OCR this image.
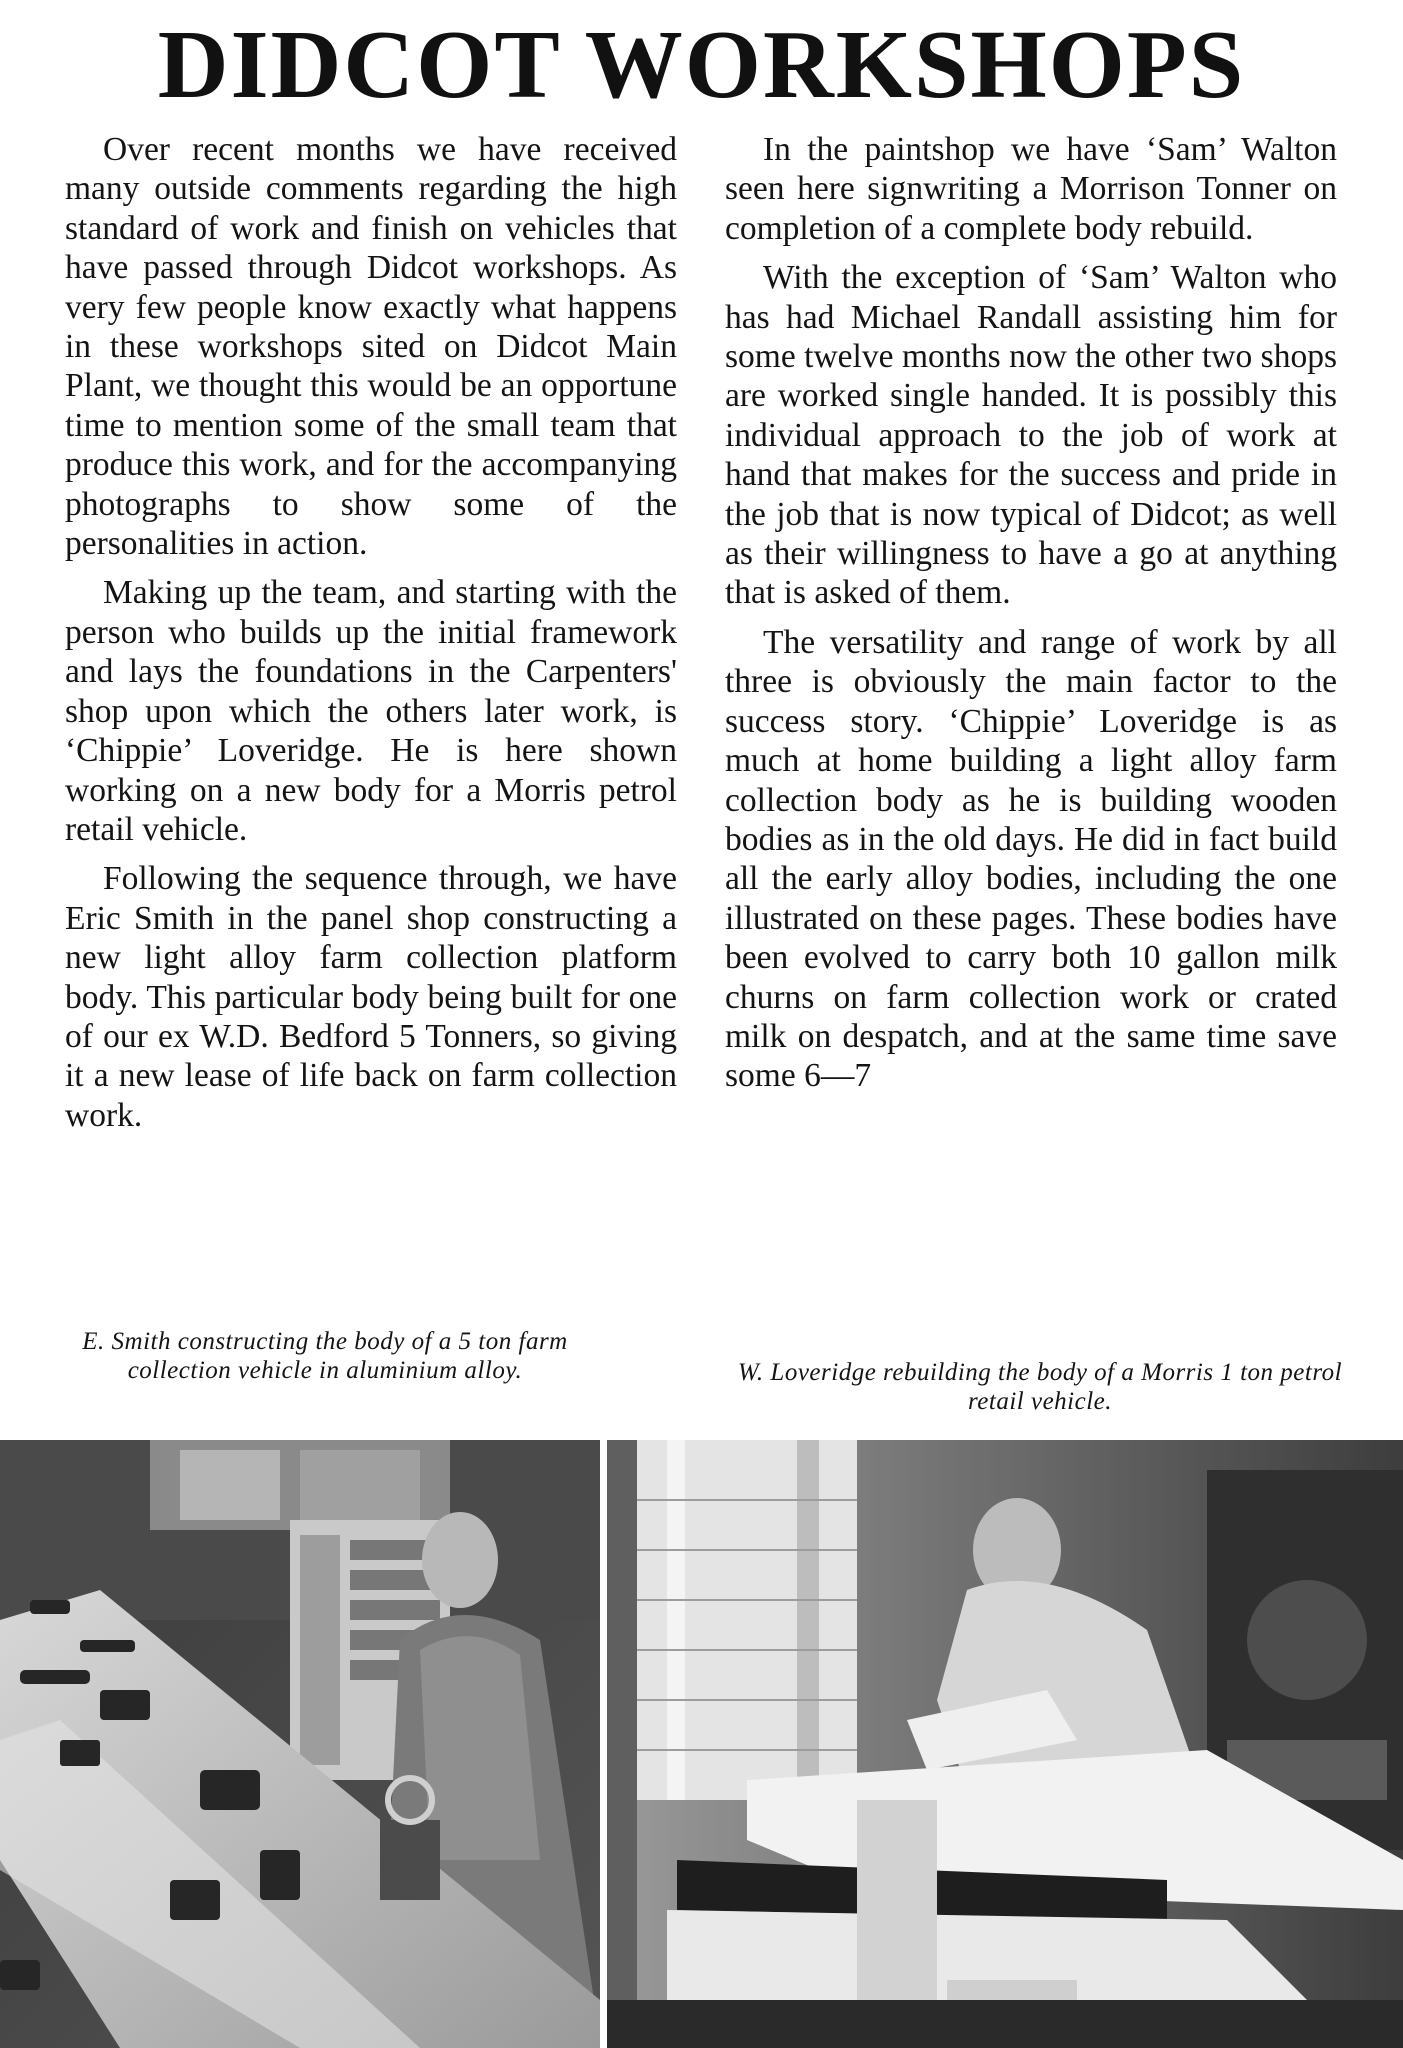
DIDCOT WORKSHOPS

Over recent months we have received many outside comments regarding the high standard of work and finish on vehicles that have passed through Didcot workshops. As very few people know exactly what happens in these workshops sited on Didcot Main Plant, we thought this would be an opportune time to mention some of the small team that produce this work, and for the accompanying photographs to show some of the personalities in action.

Making up the team, and starting with the person who builds up the initial framework and lays the foundations in the Carpenters' shop upon which the others later work, is ‘Chippie’ Loveridge. He is here shown working on a new body for a Morris petrol retail vehicle.

Following the sequence through, we have Eric Smith in the panel shop constructing a new light alloy farm collection platform body. This particular body being built for one of our ex W.D. Bedford 5 Tonners, so giving it a new lease of life back on farm collection work.

In the paintshop we have ‘Sam’ Walton seen here signwriting a Morrison Tonner on completion of a complete body rebuild.

With the exception of ‘Sam’ Walton who has had Michael Randall assisting him for some twelve months now the other two shops are worked single handed. It is possibly this individual approach to the job of work at hand that makes for the success and pride in the job that is now typical of Didcot; as well as their willingness to have a go at anything that is asked of them.

The versatility and range of work by all three is obviously the main factor to the success story. ‘Chippie’ Loveridge is as much at home building a light alloy farm collection body as he is building wooden bodies as in the old days. He did in fact build all the early alloy bodies, including the one illustrated on these pages. These bodies have been evolved to carry both 10 gallon milk churns on farm collection work or crated milk on despatch, and at the same time save some 6—7

E. Smith constructing the body of a 5 ton farm collection vehicle in aluminium alloy.	W. Loveridge rebuilding the body of a Morris 1 ton petrol retail vehicle.
